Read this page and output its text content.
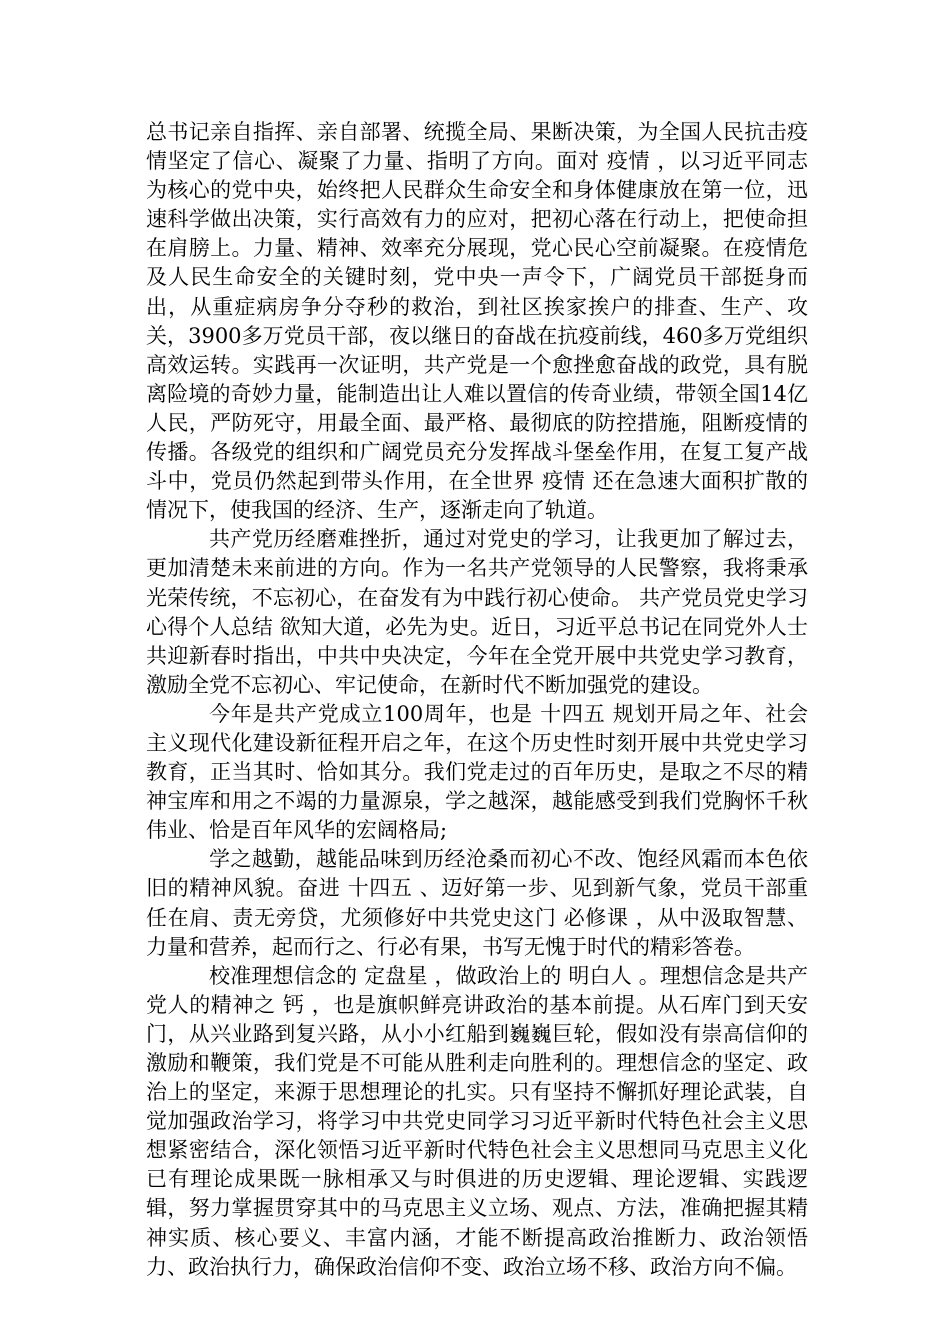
总书记亲自指挥、亲自部署、统揽全局、果断决策，为全国人民抗击疫情坚定了信心、凝聚了力量、指明了方向。面对 疫情 ，以习近平同志为核心的党中央，始终把人民群众生命安全和身体健康放在第一位，迅速科学做出决策，实行高效有力的应对，把初心落在行动上，把使命担在肩膀上。力量、精神、效率充分展现，党心民心空前凝聚。在疫情危及人民生命安全的关键时刻，党中央一声令下，广阔党员干部挺身而出，从重症病房争分夺秒的救治，到社区挨家挨户的排查、生产、攻关，3900多万党员干部，夜以继日的奋战在抗疫前线，460多万党组织高效运转。实践再一次证明，共产党是一个愈挫愈奋战的政党，具有脱离险境的奇妙力量，能制造出让人难以置信的传奇业绩，带领全国14亿人民，严防死守，用最全面、最严格、最彻底的防控措施，阻断疫情的传播。各级党的组织和广阔党员充分发挥战斗堡垒作用，在复工复产战斗中，党员仍然起到带头作用，在全世界 疫情 还在急速大面积扩散的情况下，使我国的经济、生产，逐渐走向了轨道。

共产党历经磨难挫折，通过对党史的学习，让我更加了解过去，更加清楚未来前进的方向。作为一名共产党领导的人民警察，我将秉承光荣传统，不忘初心，在奋发有为中践行初心使命。 共产党员党史学习心得个人总结 欲知大道，必先为史。近日，习近平总书记在同党外人士共迎新春时指出，中共中央决定，今年在全党开展中共党史学习教育，激励全党不忘初心、牢记使命，在新时代不断加强党的建设。

今年是共产党成立100周年，也是 十四五 规划开局之年、社会主义现代化建设新征程开启之年，在这个历史性时刻开展中共党史学习教育，正当其时、恰如其分。我们党走过的百年历史，是取之不尽的精神宝库和用之不竭的力量源泉，学之越深，越能感受到我们党胸怀千秋伟业、恰是百年风华的宏阔格局;

学之越勤，越能品味到历经沧桑而初心不改、饱经风霜而本色依旧的精神风貌。奋进 十四五 、迈好第一步、见到新气象，党员干部重任在肩、责无旁贷，尤须修好中共党史这门 必修课 ，从中汲取智慧、力量和营养，起而行之、行必有果，书写无愧于时代的精彩答卷。

校准理想信念的 定盘星 ，做政治上的 明白人 。理想信念是共产党人的精神之 钙 ，也是旗帜鲜亮讲政治的基本前提。从石库门到天安门，从兴业路到复兴路，从小小红船到巍巍巨轮，假如没有崇高信仰的激励和鞭策，我们党是不可能从胜利走向胜利的。理想信念的坚定、政治上的坚定，来源于思想理论的扎实。只有坚持不懈抓好理论武装，自觉加强政治学习，将学习中共党史同学习习近平新时代特色社会主义思想紧密结合，深化领悟习近平新时代特色社会主义思想同马克思主义化已有理论成果既一脉相承又与时俱进的历史逻辑、理论逻辑、实践逻辑，努力掌握贯穿其中的马克思主义立场、观点、方法，准确把握其精神实质、核心要义、丰富内涵，才能不断提高政治推断力、政治领悟力、政治执行力，确保政治信仰不变、政治立场不移、政治方向不偏。
